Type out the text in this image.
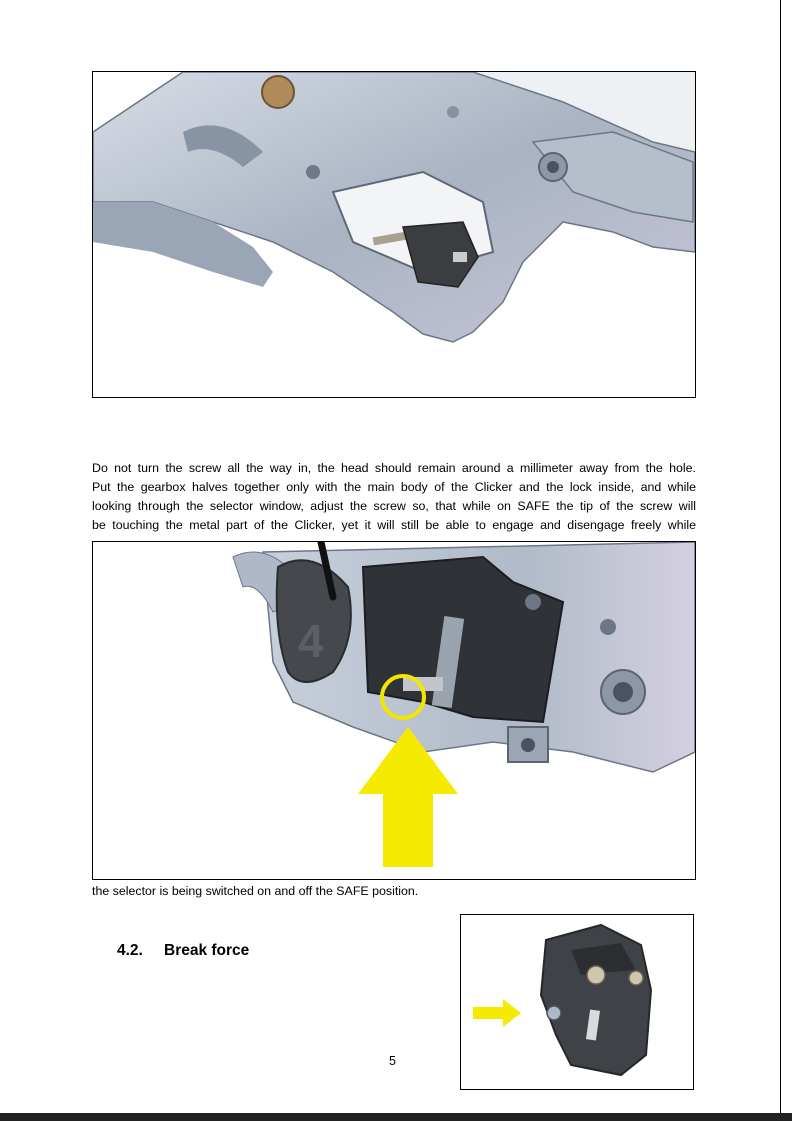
Do not turn the screw all the way in, the head should remain around a millimeter away from the hole.

Put the gearbox halves together only with the main body of the Clicker and the lock inside, and while

looking through the selector window, adjust the screw so, that while on SAFE the tip of the screw will

be touching the metal part of the Clicker, yet it will still be able to engage and disengage freely while

4

the selector is being switched on and off the SAFE position.

4.2. Break force
5
